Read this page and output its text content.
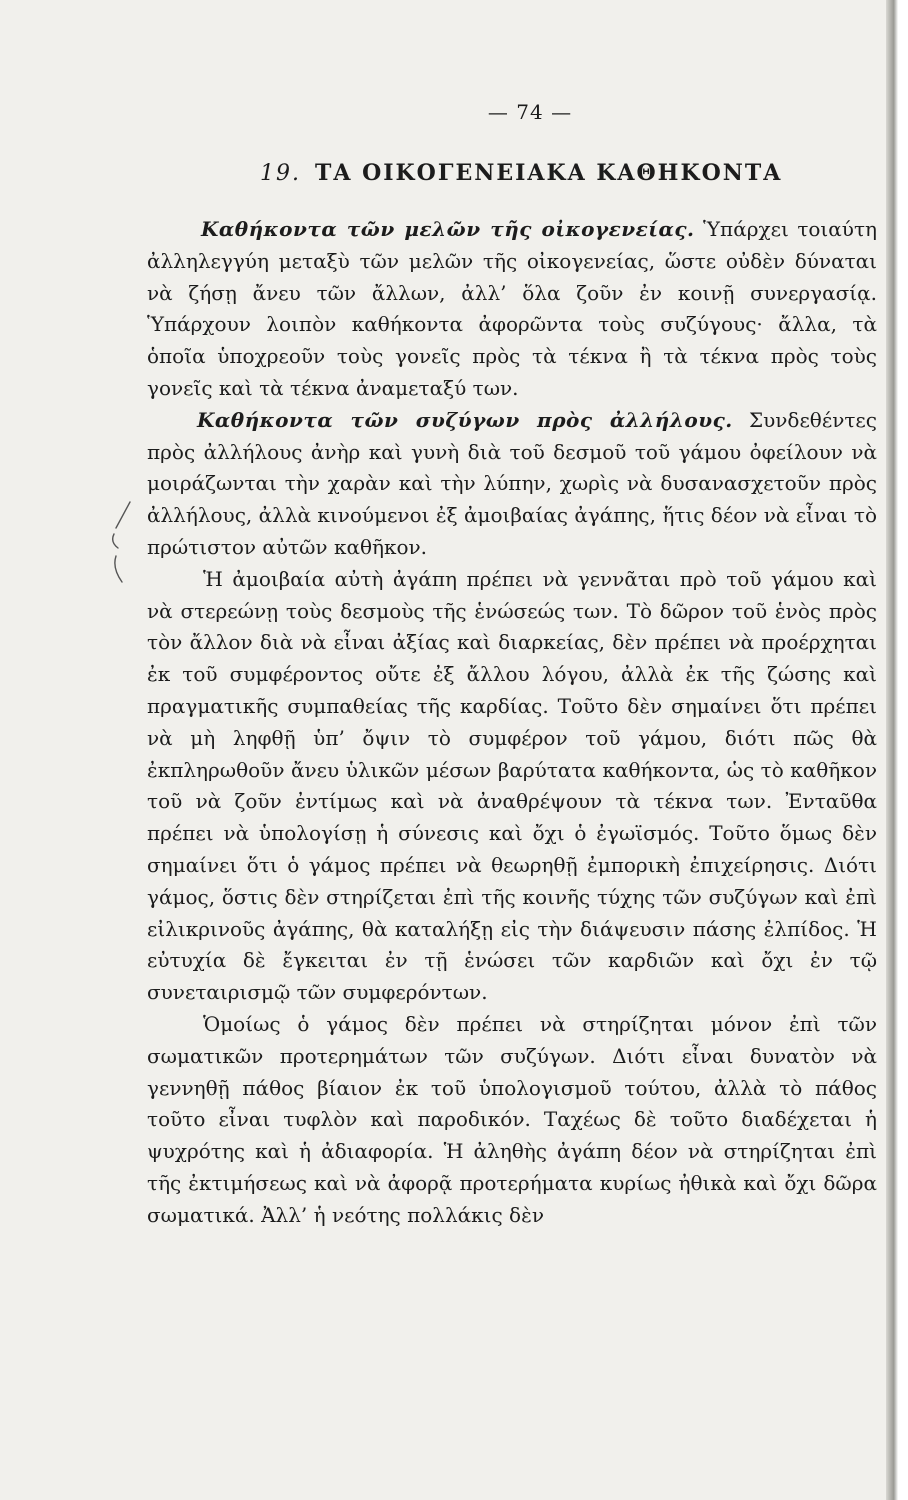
— 74 —
19. ΤΑ ΟΙΚΟΓΕΝΕΙΑΚΑ ΚΑΘΗΚΟΝΤΑ

Καθήκοντα τῶν μελῶν τῆς οἰκογενείας. Ὑπάρχει τοιαύτη ἀλληλεγγύη μεταξὺ τῶν μελῶν τῆς οἰκογενείας, ὥστε οὐδὲν δύναται νὰ ζήσῃ ἄνευ τῶν ἄλλων, ἀλλ’ ὅλα ζοῦν ἐν κοινῇ συνεργασίᾳ. Ὑπάρχουν λοιπὸν καθήκοντα ἀφορῶντα τοὺς συζύγους· ἄλλα, τὰ ὁποῖα ὑποχρεοῦν τοὺς γονεῖς πρὸς τὰ τέκνα ἢ τὰ τέκνα πρὸς τοὺς γονεῖς καὶ τὰ τέκνα ἀναμεταξύ των.

Καθήκοντα τῶν συζύγων πρὸς ἀλλήλους. Συνδεθέντες πρὸς ἀλλήλους ἀνὴρ καὶ γυνὴ διὰ τοῦ δεσμοῦ τοῦ γάμου ὀφείλουν νὰ μοιράζωνται τὴν χαρὰν καὶ τὴν λύπην, χωρὶς νὰ δυσανασχετοῦν πρὸς ἀλλήλους, ἀλλὰ κινούμενοι ἐξ ἀμοιβαίας ἀγάπης, ἥτις δέον νὰ εἶναι τὸ πρώτιστον αὐτῶν καθῆκον.

Ἡ ἀμοιβαία αὐτὴ ἀγάπη πρέπει νὰ γεννᾶται πρὸ τοῦ γάμου καὶ νὰ στερεώνῃ τοὺς δεσμοὺς τῆς ἑνώσεώς των. Τὸ δῶρον τοῦ ἑνὸς πρὸς τὸν ἄλλον διὰ νὰ εἶναι ἀξίας καὶ διαρκείας, δὲν πρέπει νὰ προέρχηται ἐκ τοῦ συμφέροντος οὔτε ἐξ ἄλλου λόγου, ἀλλὰ ἐκ τῆς ζώσης καὶ πραγματικῆς συμπαθείας τῆς καρδίας. Τοῦτο δὲν σημαίνει ὅτι πρέπει νὰ μὴ ληφθῇ ὑπ’ ὄψιν τὸ συμφέρον τοῦ γάμου, διότι πῶς θὰ ἐκπληρωθοῦν ἄνευ ὑλικῶν μέσων βαρύτατα καθήκοντα, ὡς τὸ καθῆκον τοῦ νὰ ζοῦν ἐντίμως καὶ νὰ ἀναθρέψουν τὰ τέκνα των. Ἐνταῦθα πρέπει νὰ ὑπολογίσῃ ἡ σύνεσις καὶ ὄχι ὁ ἐγωϊσμός. Τοῦτο ὅμως δὲν σημαίνει ὅτι ὁ γάμος πρέπει νὰ θεωρηθῇ ἐμπορικὴ ἐπιχείρησις. Διότι γάμος, ὅστις δὲν στηρίζεται ἐπὶ τῆς κοινῆς τύχης τῶν συζύγων καὶ ἐπὶ εἰλικρινοῦς ἀγάπης, θὰ καταλήξῃ εἰς τὴν διάψευσιν πάσης ἐλπίδος. Ἡ εὐτυχία δὲ ἔγκειται ἐν τῇ ἑνώσει τῶν καρδιῶν καὶ ὄχι ἐν τῷ συνεταιρισμῷ τῶν συμφερόντων.

Ὁμοίως ὁ γάμος δὲν πρέπει νὰ στηρίζηται μόνον ἐπὶ τῶν σωματικῶν προτερημάτων τῶν συζύγων. Διότι εἶναι δυνατὸν νὰ γεννηθῇ πάθος βίαιον ἐκ τοῦ ὑπολογισμοῦ τούτου, ἀλλὰ τὸ πάθος τοῦτο εἶναι τυφλὸν καὶ παροδικόν. Ταχέως δὲ τοῦτο διαδέχεται ἡ ψυχρότης καὶ ἡ ἀδιαφορία. Ἡ ἀληθὴς ἀγάπη δέον νὰ στηρίζηται ἐπὶ τῆς ἐκτιμήσεως καὶ νὰ ἀφορᾷ προτερήματα κυρίως ἠθικὰ καὶ ὄχι δῶρα σωματικά. Ἀλλ’ ἡ νεότης πολλάκις δὲν
